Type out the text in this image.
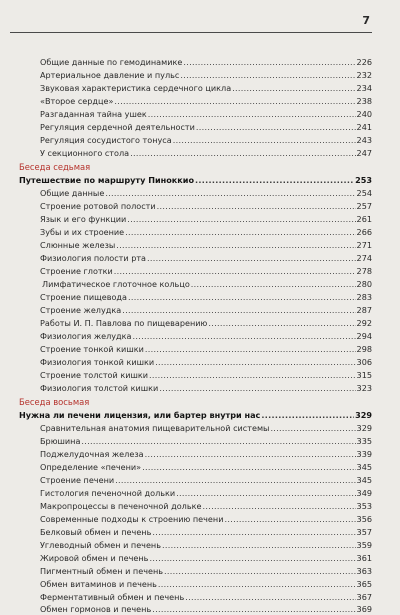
7
Общие данные по гемодинамике .....	226
Артериальное давление и пульс .....	232
Звуковая характеристика сердечного цикла .....	234
«Второе сердце» .....	238
Разгаданная тайна ушек .....	240
Регуляция сердечной деятельности .....	241
Регуляция сосудистого тонуса .....	243
У секционного стола .....	247
Беседа седьмая
Путешествие по маршруту Пиноккио .....	253
Общие данные .....	254
Строение ротовой полости .....	257
Язык и его функции .....	261
Зубы и их строение .....	266
Слюнные железы .....	271
Физиология полости рта .....	274
Строение глотки .....	278
Лимфатическое глоточное кольцо .....	280
Строение пищевода .....	283
Строение желудка .....	287
Работы И. П. Павлова по пищеварению .....	292
Физиология желудка .....	294
Строение тонкой кишки .....	298
Физиология тонкой кишки .....	306
Строение толстой кишки .....	315
Физиология толстой кишки .....	323
Беседа восьмая
Нужна ли печени лицензия, или бартер внутри нас .....	329
Сравнительная анатомия пищеварительной системы .....	329
Брюшина .....	335
Поджелудочная железа .....	339
Определение «печени» .....	345
Строение печени .....	345
Гистология печеночной дольки .....	349
Макропроцессы в печеночной дольке .....	353
Современные подходы к строению печени .....	356
Белковый обмен и печень .....	357
Углеводный обмен и печень .....	359
Жировой обмен и печень .....	361
Пигментный обмен и печень .....	363
Обмен витаминов и печень .....	365
Ферментативный обмен и печень .....	367
Обмен гормонов и печень .....	369
